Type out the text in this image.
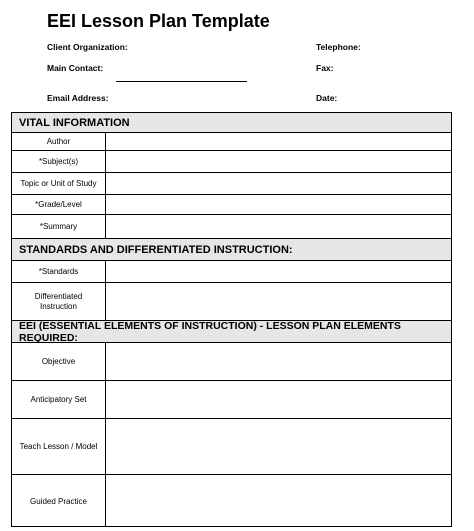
EEI Lesson Plan Template
Client Organization:	Telephone:
Main Contact:	Fax:
Email Address:	Date:
VITAL INFORMATION
Author
*Subject(s)
Topic or Unit of Study
*Grade/Level
*Summary
STANDARDS AND DIFFERENTIATED INSTRUCTION:
*Standards
Differentiated Instruction
EEI (ESSENTIAL ELEMENTS OF INSTRUCTION) - LESSON PLAN ELEMENTS REQUIRED:
Objective
Anticipatory Set
Teach Lesson / Model
Guided Practice
